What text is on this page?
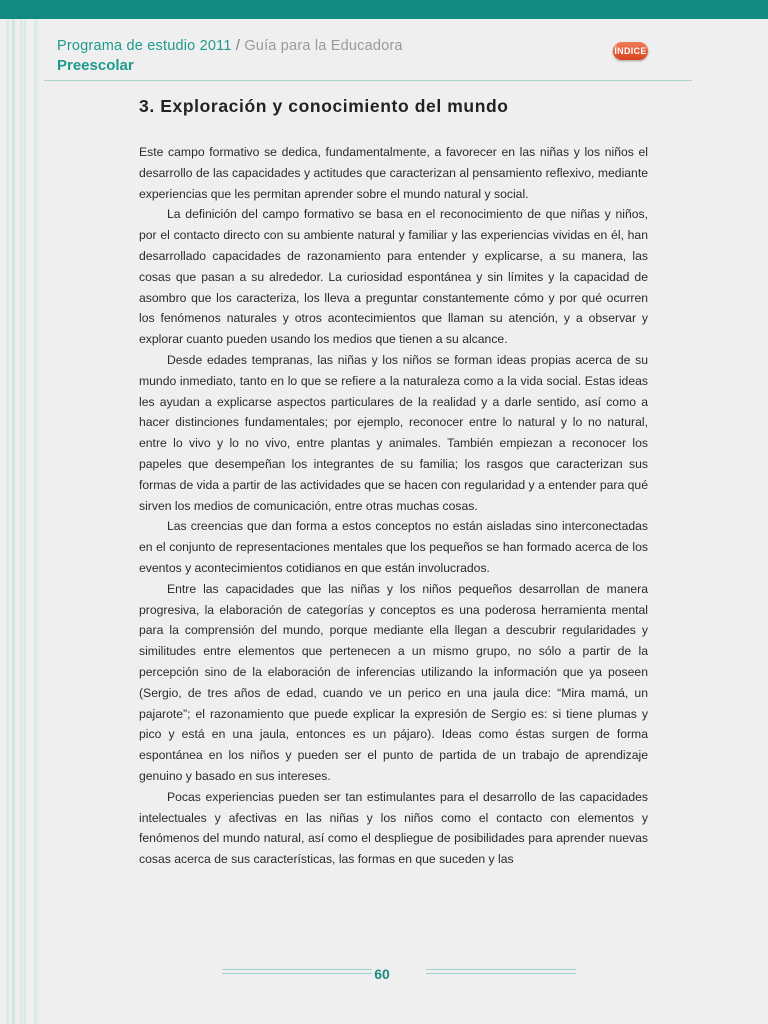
Programa de estudio 2011 / Guía para la Educadora
Preescolar
ÍNDICE
3. Exploración y conocimiento del mundo

Este campo formativo se dedica, fundamentalmente, a favorecer en las niñas y los niños el desarrollo de las capacidades y actitudes que caracterizan al pensamiento reflexivo, mediante experiencias que les permitan aprender sobre el mundo natural y social.

La definición del campo formativo se basa en el reconocimiento de que niñas y niños, por el contacto directo con su ambiente natural y familiar y las experiencias vividas en él, han desarrollado capacidades de razonamiento para entender y explicarse, a su manera, las cosas que pasan a su alrededor. La curiosidad espontánea y sin límites y la capacidad de asombro que los caracteriza, los lleva a preguntar constantemente cómo y por qué ocurren los fenómenos naturales y otros acontecimientos que llaman su atención, y a observar y explorar cuanto pueden usando los medios que tienen a su alcance.

Desde edades tempranas, las niñas y los niños se forman ideas propias acerca de su mundo inmediato, tanto en lo que se refiere a la naturaleza como a la vida social. Estas ideas les ayudan a explicarse aspectos particulares de la realidad y a darle sentido, así como a hacer distinciones fundamentales; por ejemplo, reconocer entre lo natural y lo no natural, entre lo vivo y lo no vivo, entre plantas y animales. También empiezan a reconocer los papeles que desempeñan los integrantes de su familia; los rasgos que caracterizan sus formas de vida a partir de las actividades que se hacen con regularidad y a entender para qué sirven los medios de comunicación, entre otras muchas cosas.

Las creencias que dan forma a estos conceptos no están aisladas sino interconectadas en el conjunto de representaciones mentales que los pequeños se han formado acerca de los eventos y acontecimientos cotidianos en que están involucrados.

Entre las capacidades que las niñas y los niños pequeños desarrollan de manera progresiva, la elaboración de categorías y conceptos es una poderosa herramienta mental para la comprensión del mundo, porque mediante ella llegan a descubrir regularidades y similitudes entre elementos que pertenecen a un mismo grupo, no sólo a partir de la percepción sino de la elaboración de inferencias utilizando la información que ya poseen (Sergio, de tres años de edad, cuando ve un perico en una jaula dice: “Mira mamá, un pajarote”; el razonamiento que puede explicar la expresión de Sergio es: si tiene plumas y pico y está en una jaula, entonces es un pájaro). Ideas como éstas surgen de forma espontánea en los niños y pueden ser el punto de partida de un trabajo de aprendizaje genuino y basado en sus intereses.

Pocas experiencias pueden ser tan estimulantes para el desarrollo de las capacidades intelectuales y afectivas en las niñas y los niños como el contacto con elementos y fenómenos del mundo natural, así como el despliegue de posibilidades para aprender nuevas cosas acerca de sus características, las formas en que suceden y las

60
